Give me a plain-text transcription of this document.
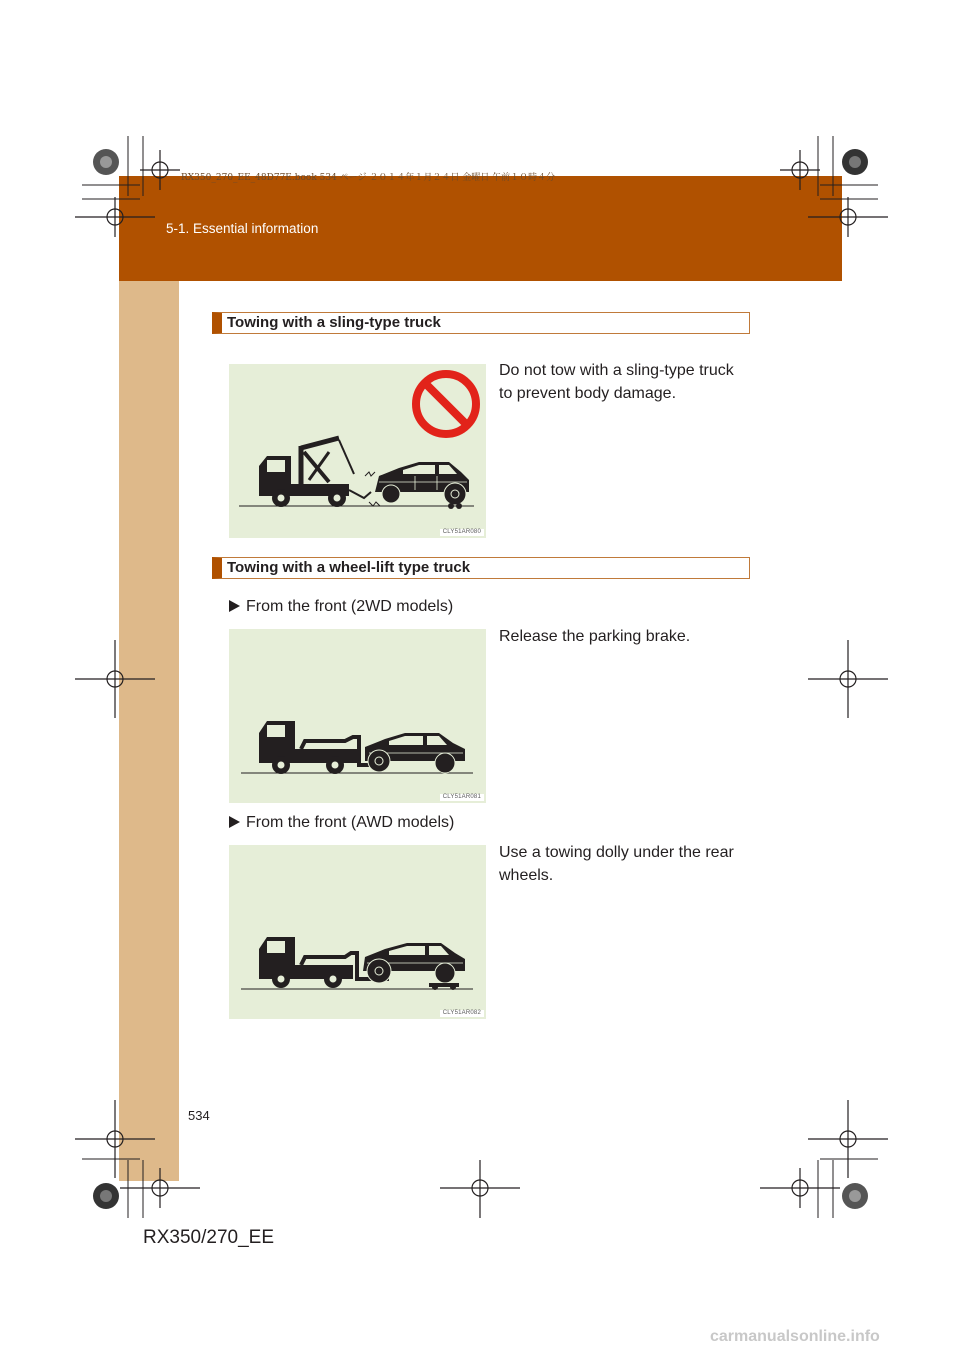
RX350_270_EE_48D77E.book 534 ページ ２０１４年１月２４日 金曜日 午前１０時４分
5-1. Essential information
Towing with a sling-type truck
CLY51AR080
Do not tow with a sling-type truck to prevent body damage.
Towing with a wheel-lift type truck
From the front (2WD models)
CLY51AR081
Release the parking brake.
From the front (AWD models)
CLY51AR082
Use a towing dolly under the rear wheels.
534
RX350/270_EE
carmanualsonline.info
